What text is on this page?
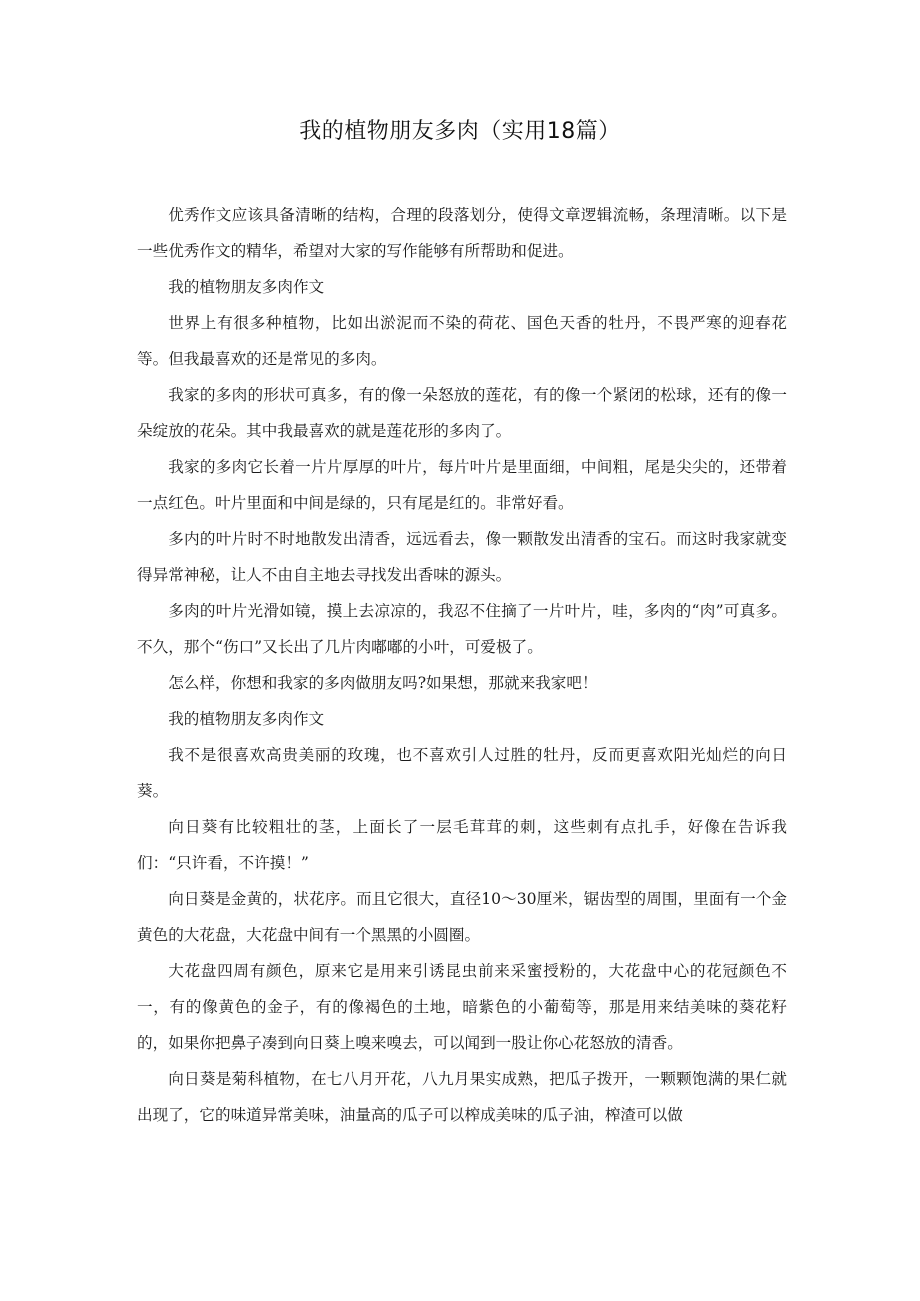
我的植物朋友多肉（实用18篇）

优秀作文应该具备清晰的结构，合理的段落划分，使得文章逻辑流畅，条理清晰。以下是一些优秀作文的精华，希望对大家的写作能够有所帮助和促进。

我的植物朋友多肉作文

世界上有很多种植物，比如出淤泥而不染的荷花、国色天香的牡丹，不畏严寒的迎春花等。但我最喜欢的还是常见的多肉。

我家的多肉的形状可真多，有的像一朵怒放的莲花，有的像一个紧闭的松球，还有的像一朵绽放的花朵。其中我最喜欢的就是莲花形的多肉了。

我家的多肉它长着一片片厚厚的叶片，每片叶片是里面细，中间粗，尾是尖尖的，还带着一点红色。叶片里面和中间是绿的，只有尾是红的。非常好看。

多内的叶片时不时地散发出清香，远远看去，像一颗散发出清香的宝石。而这时我家就变得异常神秘，让人不由自主地去寻找发出香味的源头。

多肉的叶片光滑如镜，摸上去凉凉的，我忍不住摘了一片叶片，哇，多肉的“肉”可真多。不久，那个“伤口”又长出了几片肉嘟嘟的小叶，可爱极了。

怎么样，你想和我家的多肉做朋友吗?如果想，那就来我家吧！

我的植物朋友多肉作文

我不是很喜欢高贵美丽的玫瑰，也不喜欢引人过胜的牡丹，反而更喜欢阳光灿烂的向日葵。

向日葵有比较粗壮的茎，上面长了一层毛茸茸的刺，这些刺有点扎手，好像在告诉我们：“只许看，不许摸！”

向日葵是金黄的，状花序。而且它很大，直径10〜30厘米，锯齿型的周围，里面有一个金黄色的大花盘，大花盘中间有一个黑黑的小圆圈。

大花盘四周有颜色，原来它是用来引诱昆虫前来采蜜授粉的，大花盘中心的花冠颜色不一，有的像黄色的金子，有的像褐色的土地，暗紫色的小葡萄等，那是用来结美味的葵花籽的，如果你把鼻子凑到向日葵上嗅来嗅去，可以闻到一股让你心花怒放的清香。

向日葵是菊科植物，在七八月开花，八九月果实成熟，把瓜子拨开，一颗颗饱满的果仁就出现了，它的味道异常美味，油量高的瓜子可以榨成美味的瓜子油，榨渣可以做
